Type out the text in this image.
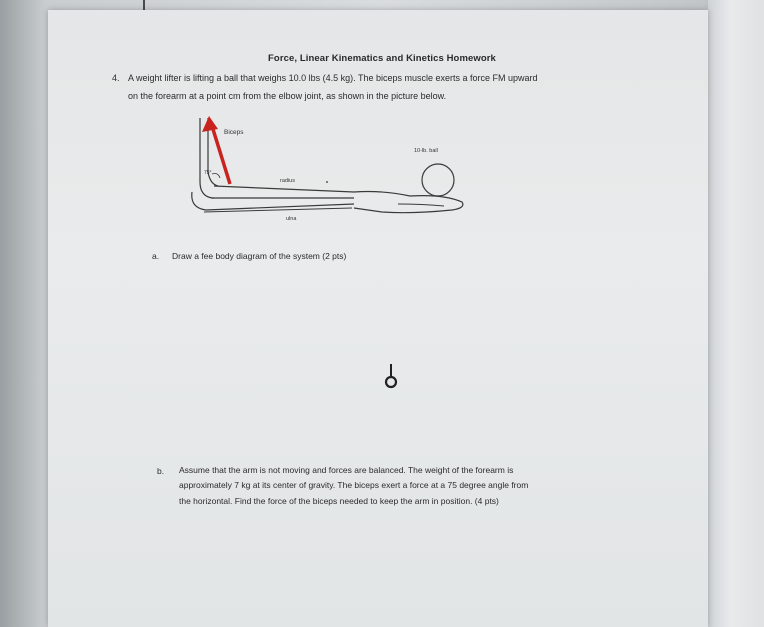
Force, Linear Kinematics and Kinetics Homework
4. A weight lifter is lifting a ball that weighs 10.0 lbs (4.5 kg). The biceps muscle exerts a force FM upward
on the forearm at a point cm from the elbow joint, as shown in the picture below.
Biceps
10-lb. ball
radius
ulna
75°
a. Draw a fee body diagram of the system (2 pts)
b. Assume that the arm is not moving and forces are balanced. The weight of the forearm is
approximately 7 kg at its center of gravity. The biceps exert a force at a 75 degree angle from
the horizontal. Find the force of the biceps needed to keep the arm in position. (4 pts)
